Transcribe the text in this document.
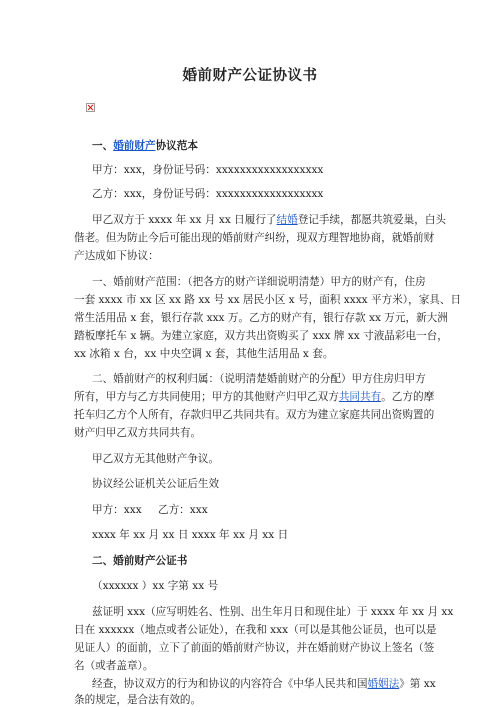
婚前财产公证协议书
一、婚前财产协议范本
甲方：xxx，身份证号码：xxxxxxxxxxxxxxxxxx
乙方：xxx，身份证号码：xxxxxxxxxxxxxxxxxx
甲乙双方于 xxxx 年 xx 月 xx 日履行了结婚登记手续，都愿共筑爱巢，白头
偕老。但为防止今后可能出现的婚前财产纠纷，现双方理智地协商，就婚前财
产达成如下协议：
一、婚前财产范围：（把各方的财产详细说明清楚）甲方的财产有，住房
一套 xxxx 市 xx 区 xx 路 xx 号 xx 居民小区 x 号，面积 xxxx 平方米），家具、日
常生活用品 x 套，银行存款 xxx 万。乙方的财产有，银行存款 xx 万元，新大洲
踏板摩托车 x 辆。为建立家庭，双方共出资购买了 xxx 牌 xx 寸液晶彩电一台，
xx 冰箱 x 台，xx 中央空调 x 套，其他生活用品 x 套。
二、婚前财产的权利归属：（说明清楚婚前财产的分配）甲方住房归甲方
所有，甲方与乙方共同使用；甲方的其他财产归甲乙双方共同共有。乙方的摩
托车归乙方个人所有，存款归甲乙共同共有。双方为建立家庭共同出资购置的
财产归甲乙双方共同共有。
甲乙双方无其他财产争议。
协议经公证机关公证后生效
甲方：xxx 乙方：xxx
xxxx 年 xx 月 xx 日 xxxx 年 xx 月 xx 日
二、婚前财产公证书
（xxxxxx ）xx 字第 xx 号
兹证明 xxx（应写明姓名、性别、出生年月日和现住址）于 xxxx 年 xx 月 xx
日在 xxxxxx（地点或者公证处），在我和 xxx（可以是其他公证员，也可以是
见证人）的面前，立下了前面的婚前财产协议，并在婚前财产协议上签名（签
名（或者盖章）。
经查，协议双方的行为和协议的内容符合《中华人民共和国婚姻法》第 xx
条的规定，是合法有效的。
